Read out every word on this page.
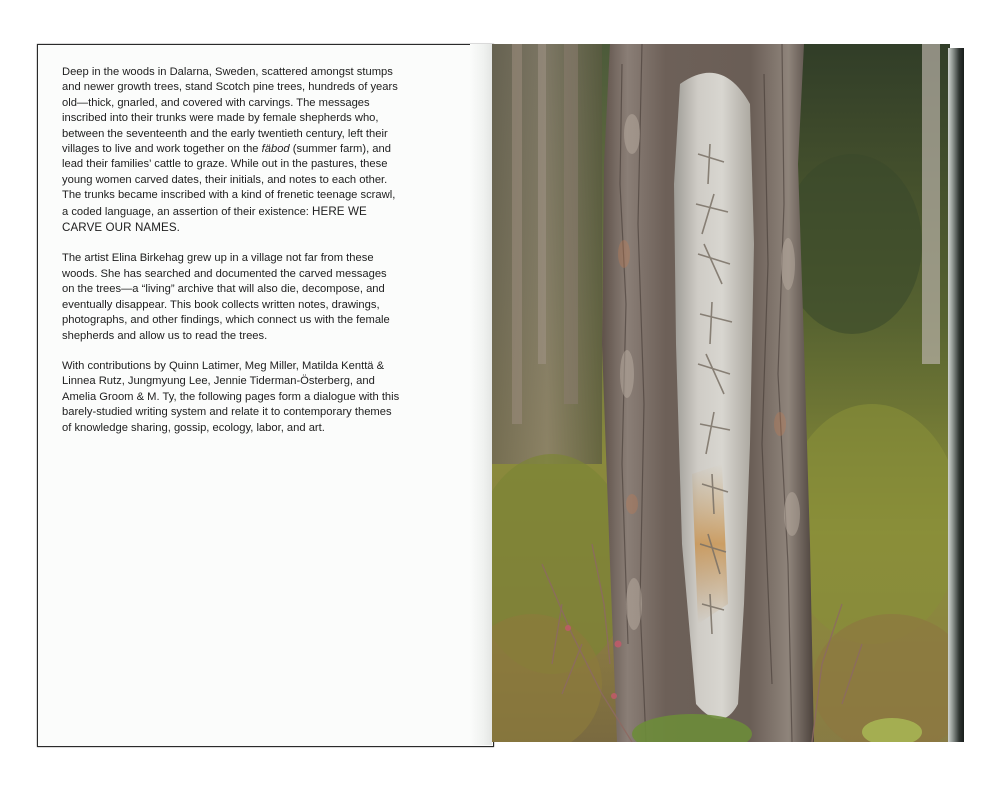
Deep in the woods in Dalarna, Sweden, scattered amongst stumps and newer growth trees, stand Scotch pine trees, hundreds of years old—thick, gnarled, and covered with carvings. The messages inscribed into their trunks were made by female shepherds who, between the seventeenth and the early twentieth century, left their villages to live and work together on the fäbod (summer farm), and lead their families’ cattle to graze. While out in the pastures, these young women carved dates, their initials, and notes to each other. The trunks became inscribed with a kind of frenetic teenage scrawl, a coded language, an assertion of their existence: HERE WE CARVE OUR NAMES.

The artist Elina Birkehag grew up in a village not far from these woods. She has searched and documented the carved messages on the trees—a “living” archive that will also die, decompose, and eventually disappear. This book collects written notes, drawings, photographs, and other findings, which connect us with the female shepherds and allow us to read the trees.

With contributions by Quinn Latimer, Meg Miller, Matilda Kenttä & Linnea Rutz, Jungmyung Lee, Jennie Tiderman-Österberg, and Amelia Groom & M. Ty, the following pages form a dialogue with this barely-studied writing system and relate it to contemporary themes of knowledge sharing, gossip, ecology, labor, and art.
